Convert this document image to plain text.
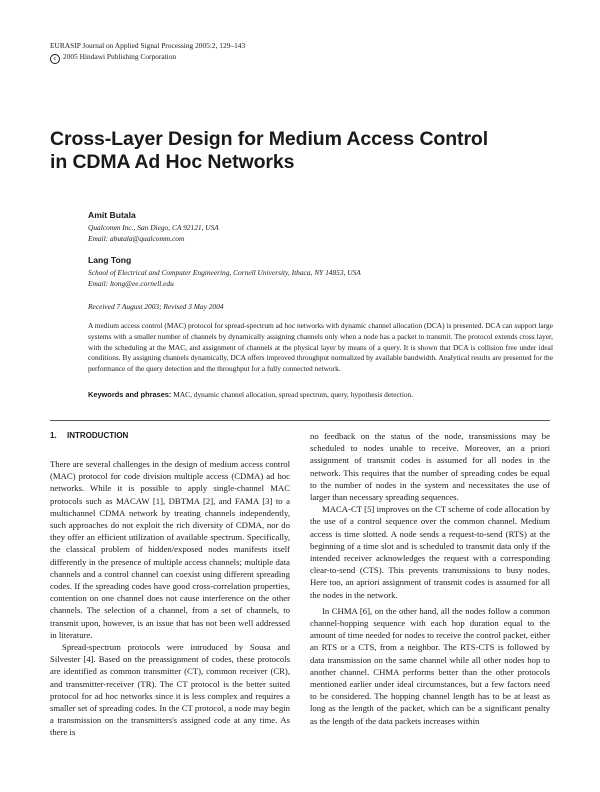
EURASIP Journal on Applied Signal Processing 2005:2, 129–143
c 2005 Hindawi Publishing Corporation
Cross-Layer Design for Medium Access Control
in CDMA Ad Hoc Networks
Amit Butala
Qualcomm Inc., San Diego, CA 92121, USA
Email: abutala@qualcomm.com
Lang Tong
School of Electrical and Computer Engineering, Cornell University, Ithaca, NY 14853, USA
Email: ltong@ee.cornell.edu
Received 7 August 2003; Revised 3 May 2004
A medium access control (MAC) protocol for spread-spectrum ad hoc networks with dynamic channel allocation (DCA) is presented. DCA can support large systems with a smaller number of channels by dynamically assigning channels only when a node has a packet to transmit. The protocol extends cross layer, with the scheduling at the MAC, and assignment of channels at the physical layer by means of a query. It is shown that DCA is collision free under ideal conditions. By assigning channels dynamically, DCA offers improved throughput normalized by available bandwidth. Analytical results are presented for the performance of the query detection and the throughput for a fully connected network.
Keywords and phrases: MAC, dynamic channel allocation, spread spectrum, query, hypothesis detection.
1. INTRODUCTION

There are several challenges in the design of medium access control (MAC) protocol for code division multiple access (CDMA) ad hoc networks. While it is possible to apply single-channel MAC protocols such as MACAW [1], DBTMA [2], and FAMA [3] to a multichannel CDMA network by treating channels independently, such approaches do not exploit the rich diversity of CDMA, nor do they offer an efficient utilization of available spectrum. Specifically, the classical problem of hidden/exposed nodes manifests itself differently in the presence of multiple access channels; multiple data channels and a control channel can coexist using different spreading codes. If the spreading codes have good cross-correlation properties, contention on one channel does not cause interference on the other channels. The selection of a channel, from a set of channels, to transmit upon, however, is an issue that has not been well addressed in literature.

Spread-spectrum protocols were introduced by Sousa and Silvester [4]. Based on the preassignment of codes, these protocols are identified as common transmitter (CT), common receiver (CR), and transmitter-receiver (TR). The CT protocol is the better suited protocol for ad hoc networks since it is less complex and requires a smaller set of spreading codes. In the CT protocol, a node may begin a transmission on the transmitters's assigned code at any time. As there is

no feedback on the status of the node, transmissions may be scheduled to nodes unable to receive. Moreover, an a priori assignment of transmit codes is assumed for all nodes in the network. This requires that the number of spreading codes be equal to the number of nodes in the system and necessitates the use of larger than necessary spreading sequences.

MACA-CT [5] improves on the CT scheme of code allocation by the use of a control sequence over the common channel. Medium access is time slotted. A node sends a request-to-send (RTS) at the beginning of a time slot and is scheduled to transmit data only if the intended receiver acknowledges the request with a corresponding clear-to-send (CTS). This prevents transmissions to busy nodes. Here too, an apriori assignment of transmit codes is assumed for all the nodes in the network.

In CHMA [6], on the other hand, all the nodes follow a common channel-hopping sequence with each hop duration equal to the amount of time needed for nodes to receive the control packet, either an RTS or a CTS, from a neighbor. The RTS-CTS is followed by data transmission on the same channel while all other nodes hop to another channel. CHMA performs better than the other protocols mentioned earlier under ideal circumstances, but a few factors need to be considered. The hopping channel length has to be at least as long as the length of the packet, which can be a significant penalty as the length of the data packets increases within
